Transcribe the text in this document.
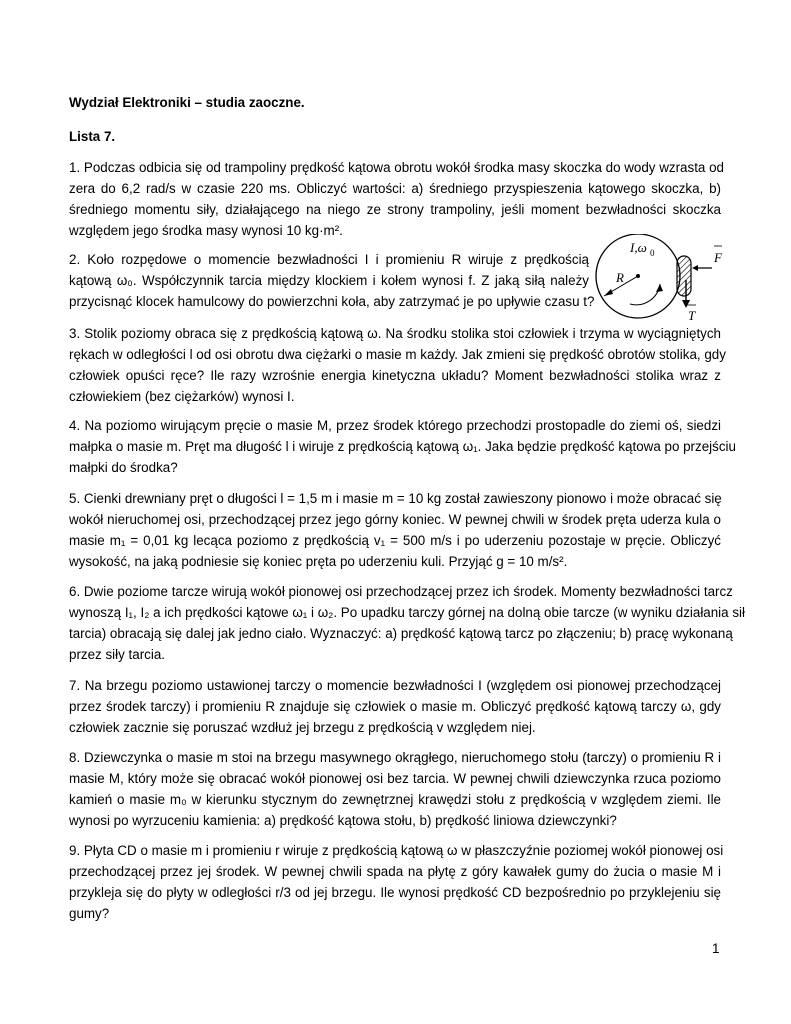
Wydział Elektroniki – studia zaoczne.
Lista 7.
1. Podczas odbicia się od trampoliny prędkość kątowa obrotu wokół środka masy skoczka do wody wzrasta od
zera do 6,2 rad/s w czasie 220 ms. Obliczyć wartości: a) średniego przyspieszenia kątowego skoczka, b)
średniego momentu siły, działającego na niego ze strony trampoliny, jeśli moment bezwładności skoczka
względem jego środka masy wynosi 10 kg·m².
2. Koło rozpędowe o momencie bezwładności I i promieniu R wiruje z prędkością
kątową ω₀. Współczynnik tarcia między klockiem i kołem wynosi f. Z jaką siłą należy
przycisnąć klocek hamulcowy do powierzchni koła, aby zatrzymać je po upływie czasu t?
I,ω 0
R
F
T
3. Stolik poziomy obraca się z prędkością kątową ω. Na środku stolika stoi człowiek i trzyma w wyciągniętych
rękach w odległości l od osi obrotu dwa ciężarki o masie m każdy. Jak zmieni się prędkość obrotów stolika, gdy
człowiek opuści ręce? Ile razy wzrośnie energia kinetyczna układu? Moment bezwładności stolika wraz z
człowiekiem (bez ciężarków) wynosi I.
4. Na poziomo wirującym pręcie o masie M, przez środek którego przechodzi prostopadle do ziemi oś, siedzi
małpka o masie m. Pręt ma długość l i wiruje z prędkością kątową ω₁. Jaka będzie prędkość kątowa po przejściu
małpki do środka?
5. Cienki drewniany pręt o długości l = 1,5 m i masie m = 10 kg został zawieszony pionowo i może obracać się
wokół nieruchomej osi, przechodzącej przez jego górny koniec. W pewnej chwili w środek pręta uderza kula o
masie m₁ = 0,01 kg lecąca poziomo z prędkością v₁ = 500 m/s i po uderzeniu pozostaje w pręcie. Obliczyć
wysokość, na jaką podniesie się koniec pręta po uderzeniu kuli. Przyjąć g = 10 m/s².
6. Dwie poziome tarcze wirują wokół pionowej osi przechodzącej przez ich środek. Momenty bezwładności tarcz
wynoszą I₁, I₂ a ich prędkości kątowe ω₁ i ω₂. Po upadku tarczy górnej na dolną obie tarcze (w wyniku działania sił
tarcia) obracają się dalej jak jedno ciało. Wyznaczyć: a) prędkość kątową tarcz po złączeniu; b) pracę wykonaną
przez siły tarcia.
7. Na brzegu poziomo ustawionej tarczy o momencie bezwładności I (względem osi pionowej przechodzącej
przez środek tarczy) i promieniu R znajduje się człowiek o masie m. Obliczyć prędkość kątową tarczy ω, gdy
człowiek zacznie się poruszać wzdłuż jej brzegu z prędkością v względem niej.
8. Dziewczynka o masie m stoi na brzegu masywnego okrągłego, nieruchomego stołu (tarczy) o promieniu R i
masie M, który może się obracać wokół pionowej osi bez tarcia. W pewnej chwili dziewczynka rzuca poziomo
kamień o masie m₀ w kierunku stycznym do zewnętrznej krawędzi stołu z prędkością v względem ziemi. Ile
wynosi po wyrzuceniu kamienia: a) prędkość kątowa stołu, b) prędkość liniowa dziewczynki?
9. Płyta CD o masie m i promieniu r wiruje z prędkością kątową ω w płaszczyźnie poziomej wokół pionowej osi
przechodzącej przez jej środek. W pewnej chwili spada na płytę z góry kawałek gumy do żucia o masie M i
przykleja się do płyty w odległości r/3 od jej brzegu. Ile wynosi prędkość CD bezpośrednio po przyklejeniu się
gumy?
1
